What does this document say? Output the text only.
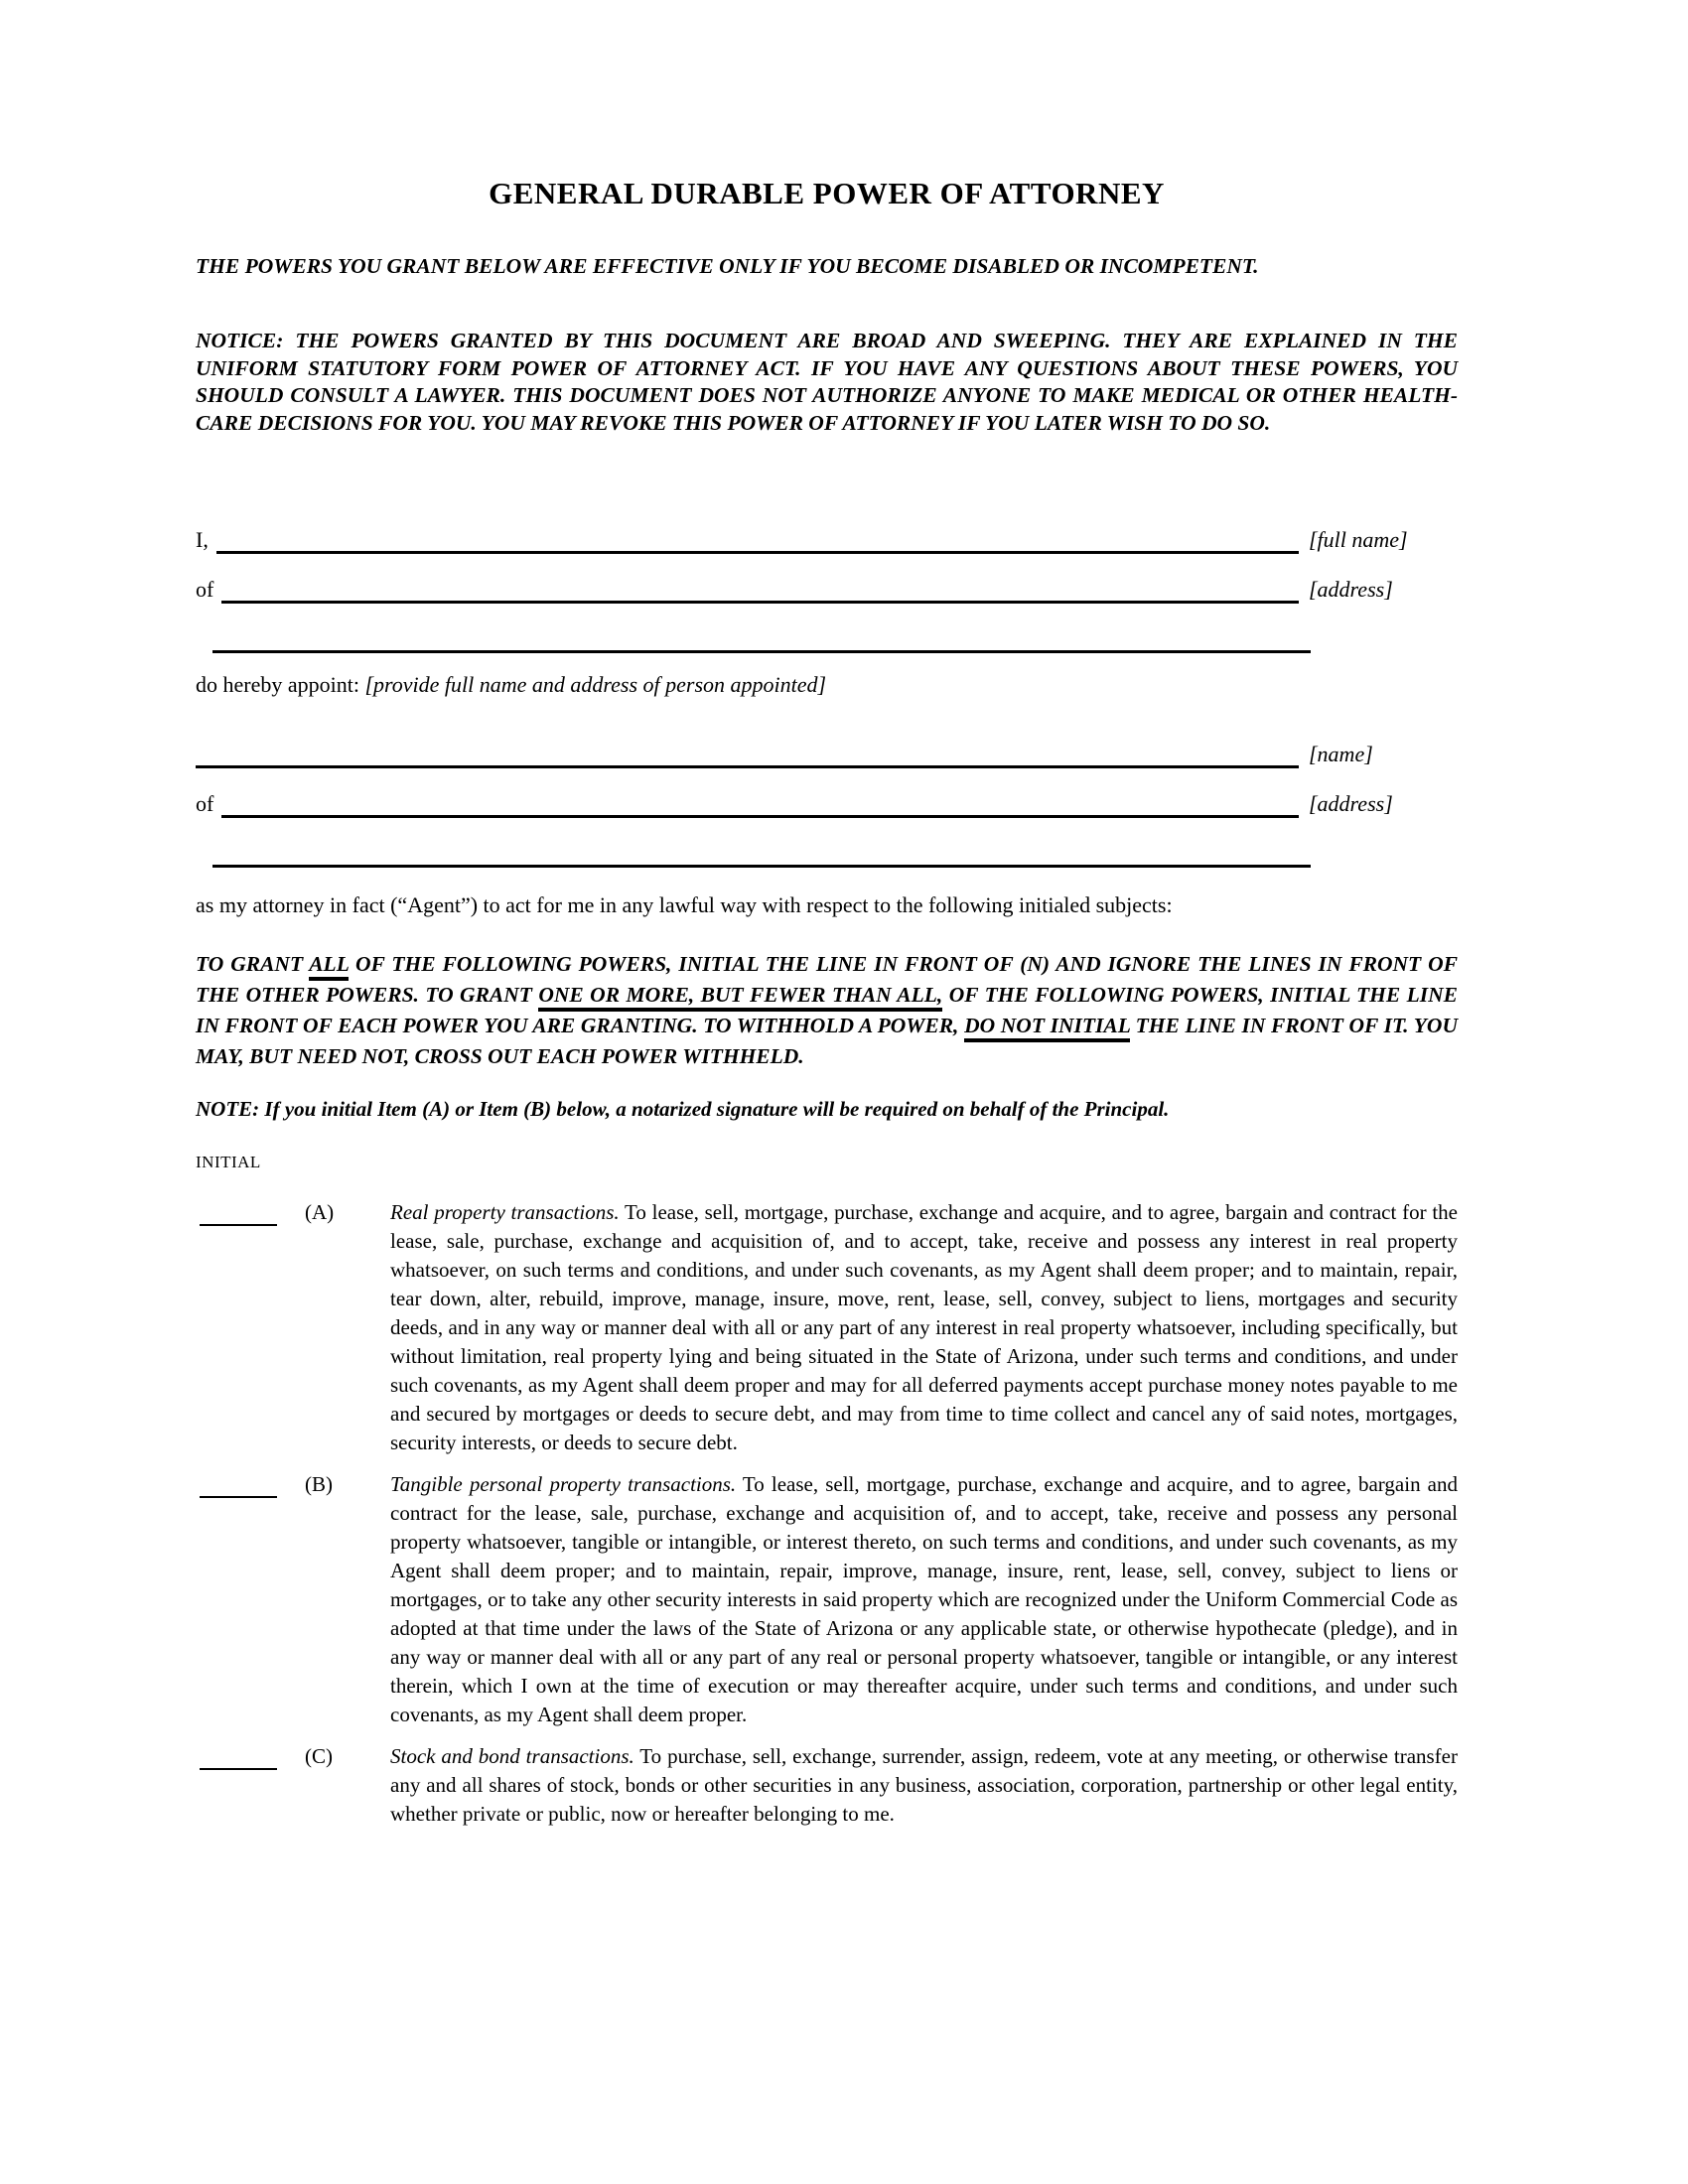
GENERAL DURABLE POWER OF ATTORNEY

THE POWERS YOU GRANT BELOW ARE EFFECTIVE ONLY IF YOU BECOME DISABLED OR INCOMPETENT.

NOTICE: THE POWERS GRANTED BY THIS DOCUMENT ARE BROAD AND SWEEPING. THEY ARE EXPLAINED IN THE UNIFORM STATUTORY FORM POWER OF ATTORNEY ACT. IF YOU HAVE ANY QUESTIONS ABOUT THESE POWERS, YOU SHOULD CONSULT A LAWYER. THIS DOCUMENT DOES NOT AUTHORIZE ANYONE TO MAKE MEDICAL OR OTHER HEALTH-CARE DECISIONS FOR YOU. YOU MAY REVOKE THIS POWER OF ATTORNEY IF YOU LATER WISH TO DO SO.

I,	[full name]
of	[address]

do hereby appoint: [provide full name and address of person appointed]

[name]
of	[address]

as my attorney in fact (“Agent”) to act for me in any lawful way with respect to the following initialed subjects:

TO GRANT ALL OF THE FOLLOWING POWERS, INITIAL THE LINE IN FRONT OF (N) AND IGNORE THE LINES IN FRONT OF THE OTHER POWERS. TO GRANT ONE OR MORE, BUT FEWER THAN ALL, OF THE FOLLOWING POWERS, INITIAL THE LINE IN FRONT OF EACH POWER YOU ARE GRANTING. TO WITHHOLD A POWER, DO NOT INITIAL THE LINE IN FRONT OF IT. YOU MAY, BUT NEED NOT, CROSS OUT EACH POWER WITHHELD.

NOTE: If you initial Item (A) or Item (B) below, a notarized signature will be required on behalf of the Principal.

INITIAL
(A)	Real property transactions. To lease, sell, mortgage, purchase, exchange and acquire, and to agree, bargain and contract for the lease, sale, purchase, exchange and acquisition of, and to accept, take, receive and possess any interest in real property whatsoever, on such terms and conditions, and under such covenants, as my Agent shall deem proper; and to maintain, repair, tear down, alter, rebuild, improve, manage, insure, move, rent, lease, sell, convey, subject to liens, mortgages and security deeds, and in any way or manner deal with all or any part of any interest in real property whatsoever, including specifically, but without limitation, real property lying and being situated in the State of Arizona, under such terms and conditions, and under such covenants, as my Agent shall deem proper and may for all deferred payments accept purchase money notes payable to me and secured by mortgages or deeds to secure debt, and may from time to time collect and cancel any of said notes, mortgages, security interests, or deeds to secure debt.
(B)	Tangible personal property transactions. To lease, sell, mortgage, purchase, exchange and acquire, and to agree, bargain and contract for the lease, sale, purchase, exchange and acquisition of, and to accept, take, receive and possess any personal property whatsoever, tangible or intangible, or interest thereto, on such terms and conditions, and under such covenants, as my Agent shall deem proper; and to maintain, repair, improve, manage, insure, rent, lease, sell, convey, subject to liens or mortgages, or to take any other security interests in said property which are recognized under the Uniform Commercial Code as adopted at that time under the laws of the State of Arizona or any applicable state, or otherwise hypothecate (pledge), and in any way or manner deal with all or any part of any real or personal property whatsoever, tangible or intangible, or any interest therein, which I own at the time of execution or may thereafter acquire, under such terms and conditions, and under such covenants, as my Agent shall deem proper.
(C)	Stock and bond transactions. To purchase, sell, exchange, surrender, assign, redeem, vote at any meeting, or otherwise transfer any and all shares of stock, bonds or other securities in any business, association, corporation, partnership or other legal entity, whether private or public, now or hereafter belonging to me.
